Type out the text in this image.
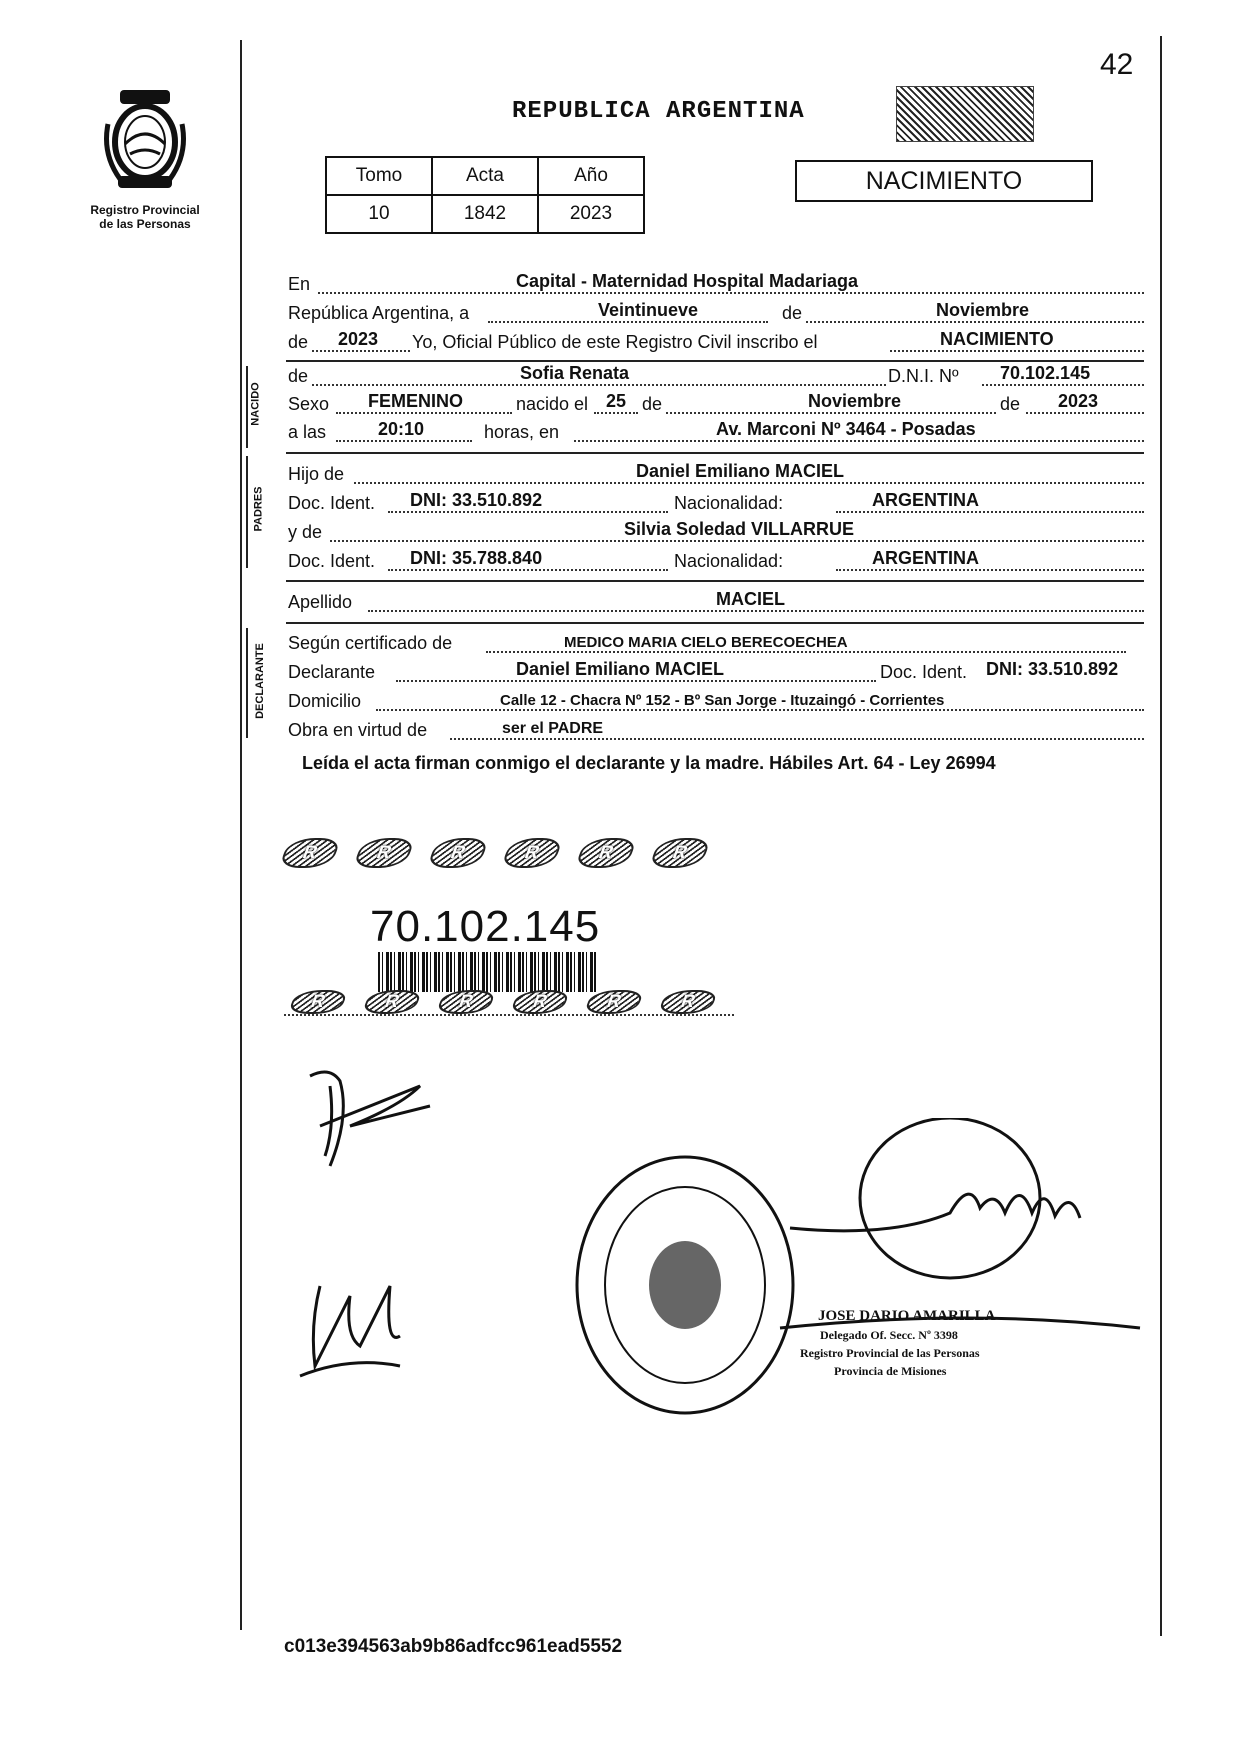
Registro Provincial
de las Personas
42
REPUBLICA ARGENTINA
Tomo	Acta	Año
10	1842	2023
NACIMIENTO
En	Capital - Maternidad Hospital Madariaga
República Argentina, a	Veintinueve	de	Noviembre
de 2023 Yo, Oficial Público de este Registro Civil inscribo el	NACIMIENTO
NACIDO
de	Sofia Renata	D.N.I. Nº 70.102.145
Sexo FEMENINO	nacido el 25 de	Noviembre	de 2023
a las	20:10	horas, en	Av. Marconi Nº 3464 - Posadas
PADRES
Hijo de	Daniel Emiliano MACIEL
Doc. Ident. DNI: 33.510.892	Nacionalidad:	ARGENTINA
y de	Silvia Soledad VILLARRUE
Doc. Ident. DNI: 35.788.840	Nacionalidad:	ARGENTINA
Apellido	MACIEL
DECLARANTE
Según certificado de	MEDICO MARIA CIELO BERECOECHEA
Declarante	Daniel Emiliano MACIEL	Doc. Ident. DNI: 33.510.892
Domicilio	Calle 12 - Chacra Nº 152 - Bº San Jorge - Ituzaingó - Corrientes
Obra en virtud de	ser el PADRE
Leída el acta firman conmigo el declarante y la madre. Hábiles Art. 64 - Ley 26994
R	R	R	R	R	R
70.102.145
R	R	R	R	R	R
JOSE DARIO AMARILLA
Delegado Of. Secc. Nº 3398
Registro Provincial de las Personas
Provincia de Misiones
c013e394563ab9b86adfcc961ead5552
